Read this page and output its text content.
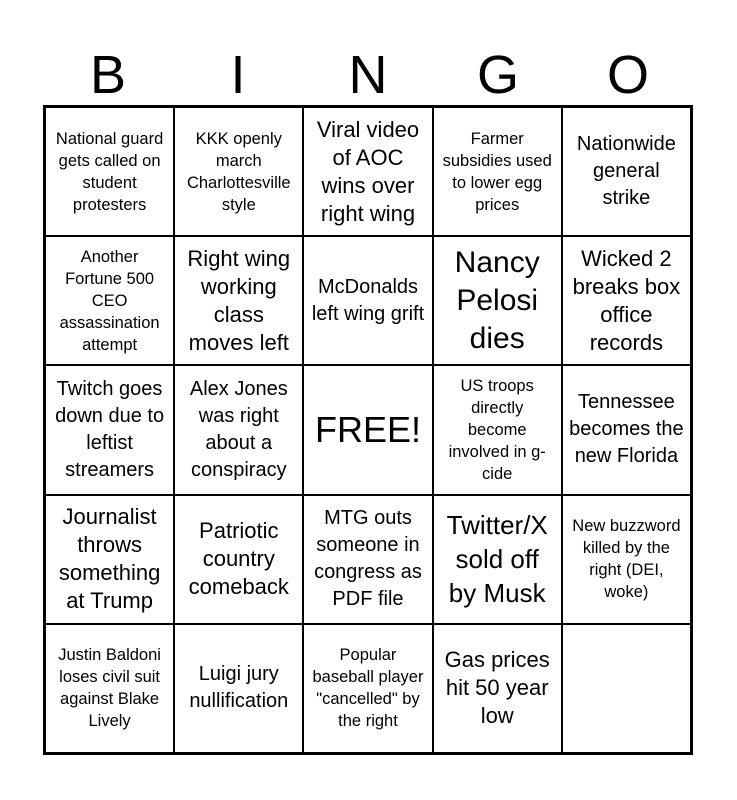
B	I	N	G	O
National guard gets called on student protesters
KKK openly march Charlottesville style
Viral video of AOC wins over right wing
Farmer subsidies used to lower egg prices
Nationwide general strike
Another Fortune 500 CEO assassination attempt
Right wing working class moves left
McDonalds left wing grift
Nancy Pelosi dies
Wicked 2 breaks box office records
Twitch goes down due to leftist streamers
Alex Jones was right about a conspiracy
FREE!
US troops directly become involved in g-cide
Tennessee becomes the new Florida
Journalist throws something at Trump
Patriotic country comeback
MTG outs someone in congress as PDF file
Twitter/X sold off by Musk
New buzzword killed by the right (DEI, woke)
Justin Baldoni loses civil suit against Blake Lively
Luigi jury nullification
Popular baseball player "cancelled" by the right
Gas prices hit 50 year low
